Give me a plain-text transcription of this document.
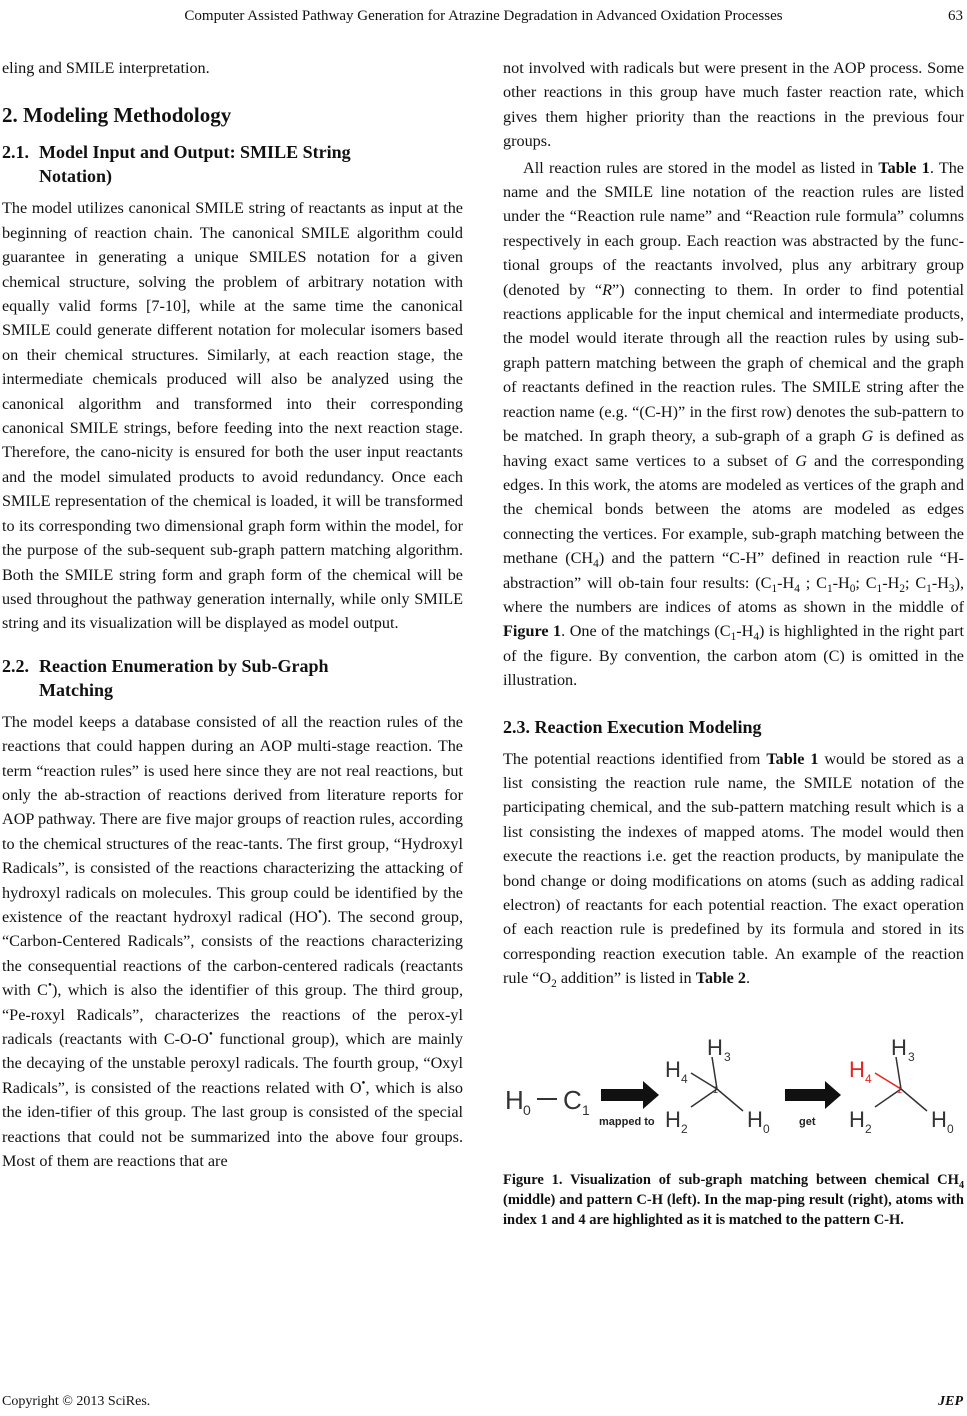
Computer Assisted Pathway Generation for Atrazine Degradation in Advanced Oxidation Processes	63

eling and SMILE interpretation.

2. Modeling Methodology
2.1. Model Input and Output: SMILE String
Notation)

The model utilizes canonical SMILE string of reactants as input at the beginning of reaction chain. The canonical SMILE algorithm could guarantee in generating a unique SMILES notation for a given chemical structure, solving the problem of arbitrary notation with equally valid forms [7-10], while at the same time the canonical SMILE could generate different notation for molecular isomers based on their chemical structures. Similarly, at each reaction stage, the intermediate chemicals produced will also be analyzed using the canonical algorithm and transformed into their corresponding canonical SMILE strings, before feeding into the next reaction stage. Therefore, the cano-nicity is ensured for both the user input reactants and the model simulated products to avoid redundancy. Once each SMILE representation of the chemical is loaded, it will be transformed to its corresponding two dimensional graph form within the model, for the purpose of the sub-sequent sub-graph pattern matching algorithm. Both the SMILE string form and graph form of the chemical will be used throughout the pathway generation internally, while only SMILE string and its visualization will be displayed as model output.

2.2. Reaction Enumeration by Sub-Graph
Matching

The model keeps a database consisted of all the reaction rules of the reactions that could happen during an AOP multi-stage reaction. The term “reaction rules” is used here since they are not real reactions, but only the ab-straction of reactions derived from literature reports for AOP pathway. There are five major groups of reaction rules, according to the chemical structures of the reac-tants. The first group, “Hydroxyl Radicals”, is consisted of the reactions characterizing the attacking of hydroxyl radicals on molecules. This group could be identified by the existence of the reactant hydroxyl radical (HO•). The second group, “Carbon-Centered Radicals”, consists of the reactions characterizing the consequential reactions of the carbon-centered radicals (reactants with C•), which is also the identifier of this group. The third group, “Pe-roxyl Radicals”, characterizes the reactions of the perox-yl radicals (reactants with C-O-O• functional group), which are mainly the decaying of the unstable peroxyl radicals. The fourth group, “Oxyl Radicals”, is consisted of the reactions related with O•, which is also the iden-tifier of this group. The last group is consisted of the special reactions that could not be summarized into the above four groups. Most of them are reactions that are

not involved with radicals but were present in the AOP process. Some other reactions in this group have much faster reaction rate, which gives them higher priority than the reactions in the previous four groups.

All reaction rules are stored in the model as listed in Table 1. The name and the SMILE line notation of the reaction rules are listed under the “Reaction rule name” and “Reaction rule formula” columns respectively in each group. Each reaction was abstracted by the func-tional groups of the reactants involved, plus any arbitrary group (denoted by “R”) connecting to them. In order to find potential reactions applicable for the input chemical and intermediate products, the model would iterate through all the reaction rules by using sub-graph pattern matching between the graph of chemical and the graph of reactants defined in the reaction rules. The SMILE string after the reaction name (e.g. “(C-H)” in the first row) denotes the sub-pattern to be matched. In graph theory, a sub-graph of a graph G is defined as having exact same vertices to a subset of G and the corresponding edges. In this work, the atoms are modeled as vertices of the graph and the chemical bonds between the atoms are modeled as edges connecting the vertices. For example, sub-graph matching between the methane $(CH_4)$ and the pattern “C-H” defined in reaction rule “H-abstraction” will ob-tain four results: ($C_1-H_4$ ; $C_1-H_0$; $C_1-H_2$; $C_1-H_3$), where the numbers are indices of atoms as shown in the middle of Figure 1. One of the matchings $(C_1-H_4)$ is highlighted in the right part of the figure. By convention, the carbon atom (C) is omitted in the illustration.

2.3. Reaction Execution Modeling

The potential reactions identified from Table 1 would be stored as a list consisting the reaction rule name, the SMILE notation of the participating chemical, and the sub-pattern matching result which is a list consisting the indexes of mapped atoms. The model would then execute the reactions i.e. get the reaction products, by manipulate the bond change or doing modifications on atoms (such as adding radical electron) of reactants for each potential reaction. The exact operation of each reaction rule is predefined by its formula and stored in its corresponding reaction execution table. An example of the reaction rule “$O_2$ addition” is listed in Table 2.

H 0 C 1
mapped to
1
H 3
H 4
H 2	H 0	get
1
H 3
H 4
H 2	H 0

Figure 1. Visualization of sub-graph matching between chemical $CH_4$ (middle) and pattern C-H (left). In the map-ping result (right), atoms with index 1 and 4 are highlighted as it is matched to the pattern C-H.

Copyright © 2013 SciRes.	JEP
